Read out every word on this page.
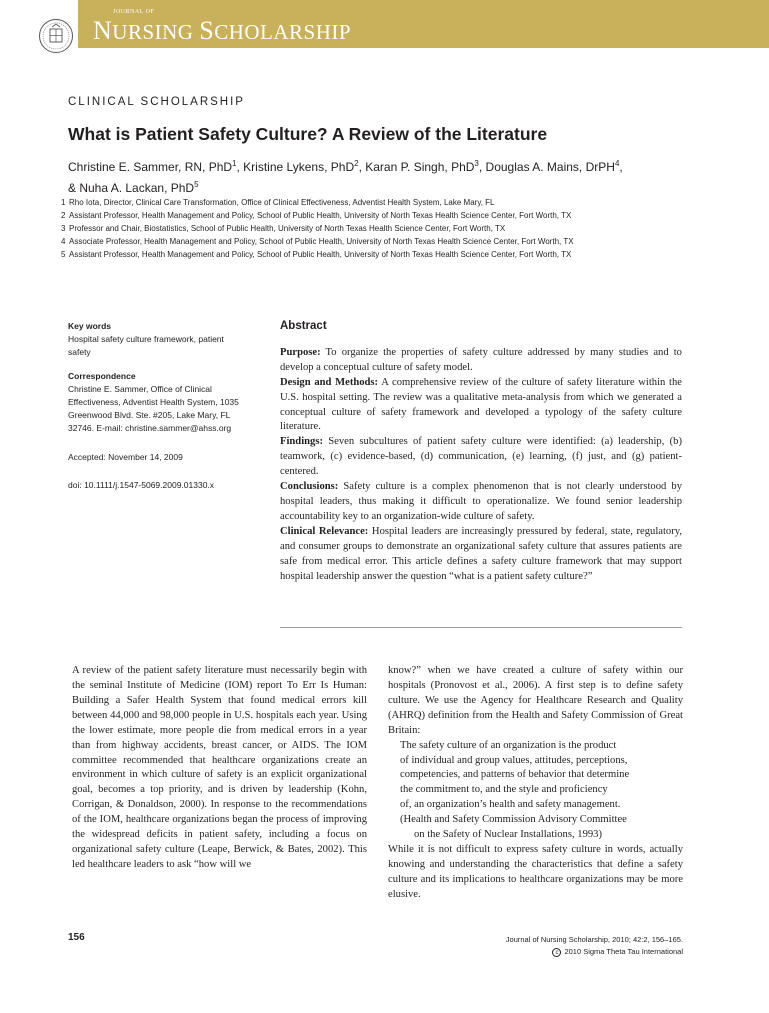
JOURNAL OF
NURSING SCHOLARSHIP
CLINICAL SCHOLARSHIP
What is Patient Safety Culture? A Review of the Literature
Christine E. Sammer, RN, PhD$^1$, Kristine Lykens, PhD$^2$, Karan P. Singh, PhD$^3$, Douglas A. Mains, DrPH$^4$,
& Nuha A. Lackan, PhD$^5$
1 Rho Iota, Director, Clinical Care Transformation, Office of Clinical Effectiveness, Adventist Health System, Lake Mary, FL
2 Assistant Professor, Health Management and Policy, School of Public Health, University of North Texas Health Science Center, Fort Worth, TX
3 Professor and Chair, Biostatistics, School of Public Health, University of North Texas Health Science Center, Fort Worth, TX
4 Associate Professor, Health Management and Policy, School of Public Health, University of North Texas Health Science Center, Fort Worth, TX
5 Assistant Professor, Health Management and Policy, School of Public Health, University of North Texas Health Science Center, Fort Worth, TX
Key words
Hospital safety culture framework, patient
safety
Correspondence
Christine E. Sammer, Office of Clinical
Effectiveness, Adventist Health System, 1035
Greenwood Blvd. Ste. #205, Lake Mary, FL
32746. E-mail: christine.sammer@ahss.org
Accepted: November 14, 2009
doi: 10.1111/j.1547-5069.2009.01330.x
Abstract

Purpose: To organize the properties of safety culture addressed by many studies and to develop a conceptual culture of safety model.

Design and Methods: A comprehensive review of the culture of safety literature within the U.S. hospital setting. The review was a qualitative meta-analysis from which we generated a conceptual culture of safety framework and developed a typology of the safety culture literature.

Findings: Seven subcultures of patient safety culture were identified: (a) leadership, (b) teamwork, (c) evidence-based, (d) communication, (e) learning, (f) just, and (g) patient-centered.

Conclusions: Safety culture is a complex phenomenon that is not clearly understood by hospital leaders, thus making it difficult to operationalize. We found senior leadership accountability key to an organization-wide culture of safety.

Clinical Relevance: Hospital leaders are increasingly pressured by federal, state, regulatory, and consumer groups to demonstrate an organizational safety culture that assures patients are safe from medical error. This article defines a safety culture framework that may support hospital leadership answer the question “what is a patient safety culture?”

A review of the patient safety literature must necessarily begin with the seminal Institute of Medicine (IOM) report To Err Is Human: Building a Safer Health System that found medical errors kill between 44,000 and 98,000 people in U.S. hospitals each year. Using the lower estimate, more people die from medical errors in a year than from highway accidents, breast cancer, or AIDS. The IOM committee recommended that healthcare organizations create an environment in which culture of safety is an explicit organizational goal, becomes a top priority, and is driven by leadership (Kohn, Corrigan, & Donaldson, 2000). In response to the recommendations of the IOM, healthcare organizations began the process of improving the widespread deficits in patient safety, including a focus on organizational safety culture (Leape, Berwick, & Bates, 2002). This led healthcare leaders to ask “how will we

know?” when we have created a culture of safety within our hospitals (Pronovost et al., 2006). A first step is to define safety culture. We use the Agency for Healthcare Research and Quality (AHRQ) definition from the Health and Safety Commission of Great Britain:

The safety culture of an organization is the product
of individual and group values, attitudes, perceptions,
competencies, and patterns of behavior that determine
the commitment to, and the style and proficiency
of, an organization’s health and safety management.
(Health and Safety Commission Advisory Committee
on the Safety of Nuclear Installations, 1993)

While it is not difficult to express safety culture in words, actually knowing and understanding the characteristics that define a safety culture and its implications to healthcare organizations may be more elusive.

156	Journal of Nursing Scholarship, 2010; 42:2, 156–165.
c 2010 Sigma Theta Tau International
